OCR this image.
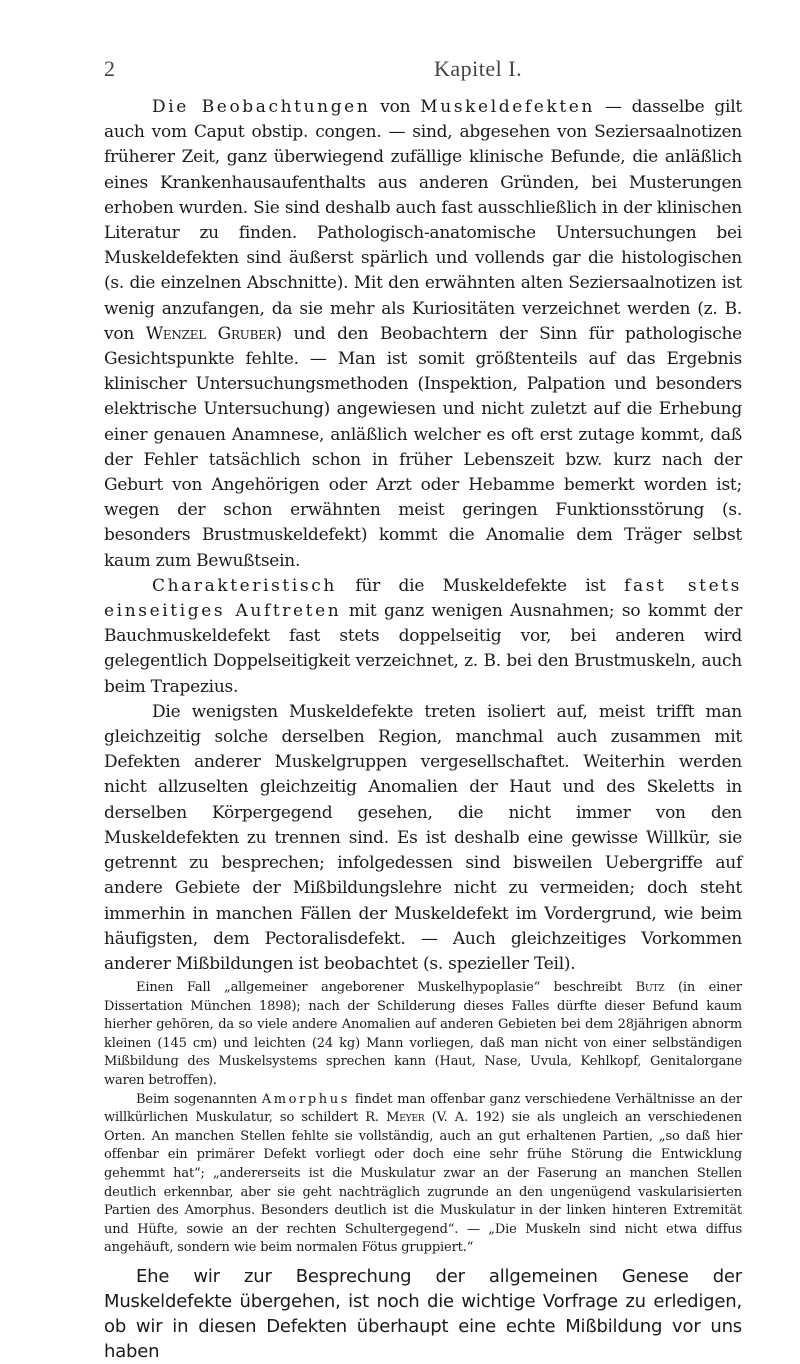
2	Kapitel I.

Die Beobachtungen von Muskeldefekten — dasselbe gilt auch vom Caput obstip. congen. — sind, abgesehen von Seziersaalnotizen früherer Zeit, ganz überwiegend zufällige klinische Befunde, die anläßlich eines Krankenhausaufenthalts aus anderen Gründen, bei Musterungen erhoben wurden. Sie sind deshalb auch fast ausschließlich in der klinischen Literatur zu finden. Pathologisch-anatomische Untersuchungen bei Muskeldefekten sind äußerst spärlich und vollends gar die histologischen (s. die einzelnen Abschnitte). Mit den erwähnten alten Seziersaalnotizen ist wenig anzufangen, da sie mehr als Kuriositäten verzeichnet werden (z. B. von Wenzel Gruber) und den Beobachtern der Sinn für pathologische Gesichtspunkte fehlte. — Man ist somit größtenteils auf das Ergebnis klinischer Untersuchungsmethoden (Inspektion, Palpation und besonders elektrische Untersuchung) angewiesen und nicht zuletzt auf die Erhebung einer genauen Anamnese, anläßlich welcher es oft erst zutage kommt, daß der Fehler tatsächlich schon in früher Lebenszeit bzw. kurz nach der Geburt von Angehörigen oder Arzt oder Hebamme bemerkt worden ist; wegen der schon erwähnten meist geringen Funktionsstörung (s. besonders Brustmuskeldefekt) kommt die Anomalie dem Träger selbst kaum zum Bewußtsein.

Charakteristisch für die Muskeldefekte ist fast stets einseitiges Auftreten mit ganz wenigen Ausnahmen; so kommt der Bauchmuskeldefekt fast stets doppelseitig vor, bei anderen wird gelegentlich Doppelseitigkeit verzeichnet, z. B. bei den Brustmuskeln, auch beim Trapezius.

Die wenigsten Muskeldefekte treten isoliert auf, meist trifft man gleichzeitig solche derselben Region, manchmal auch zusammen mit Defekten anderer Muskelgruppen vergesellschaftet. Weiterhin werden nicht allzuselten gleichzeitig Anomalien der Haut und des Skeletts in derselben Körpergegend gesehen, die nicht immer von den Muskeldefekten zu trennen sind. Es ist deshalb eine gewisse Willkür, sie getrennt zu besprechen; infolgedessen sind bisweilen Uebergriffe auf andere Gebiete der Mißbildungslehre nicht zu vermeiden; doch steht immerhin in manchen Fällen der Muskeldefekt im Vordergrund, wie beim häufigsten, dem Pectoralisdefekt. — Auch gleichzeitiges Vorkommen anderer Mißbildungen ist beobachtet (s. spezieller Teil).

Einen Fall „allgemeiner angeborener Muskelhypoplasie“ beschreibt Butz (in einer Dissertation München 1898); nach der Schilderung dieses Falles dürfte dieser Befund kaum hierher gehören, da so viele andere Anomalien auf anderen Gebieten bei dem 28jährigen abnorm kleinen (145 cm) und leichten (24 kg) Mann vorliegen, daß man nicht von einer selbständigen Mißbildung des Muskelsystems sprechen kann (Haut, Nase, Uvula, Kehlkopf, Genitalorgane waren betroffen).

Beim sogenannten Amorphus findet man offenbar ganz verschiedene Verhältnisse an der willkürlichen Muskulatur, so schildert R. Meyer (V. A. 192) sie als ungleich an verschiedenen Orten. An manchen Stellen fehlte sie vollständig, auch an gut erhaltenen Partien, „so daß hier offenbar ein primärer Defekt vorliegt oder doch eine sehr frühe Störung die Entwicklung gehemmt hat“; „andererseits ist die Muskulatur zwar an der Faserung an manchen Stellen deutlich erkennbar, aber sie geht nachträglich zugrunde an den ungenügend vaskularisierten Partien des Amorphus. Besonders deutlich ist die Muskulatur in der linken hinteren Extremität und Hüfte, sowie an der rechten Schultergegend“. — „Die Muskeln sind nicht etwa diffus angehäuft, sondern wie beim normalen Fötus gruppiert.“

Ehe wir zur Besprechung der allgemeinen Genese der Muskeldefekte übergehen, ist noch die wichtige Vorfrage zu erledigen, ob wir in diesen Defekten überhaupt eine echte Mißbildung vor uns haben
